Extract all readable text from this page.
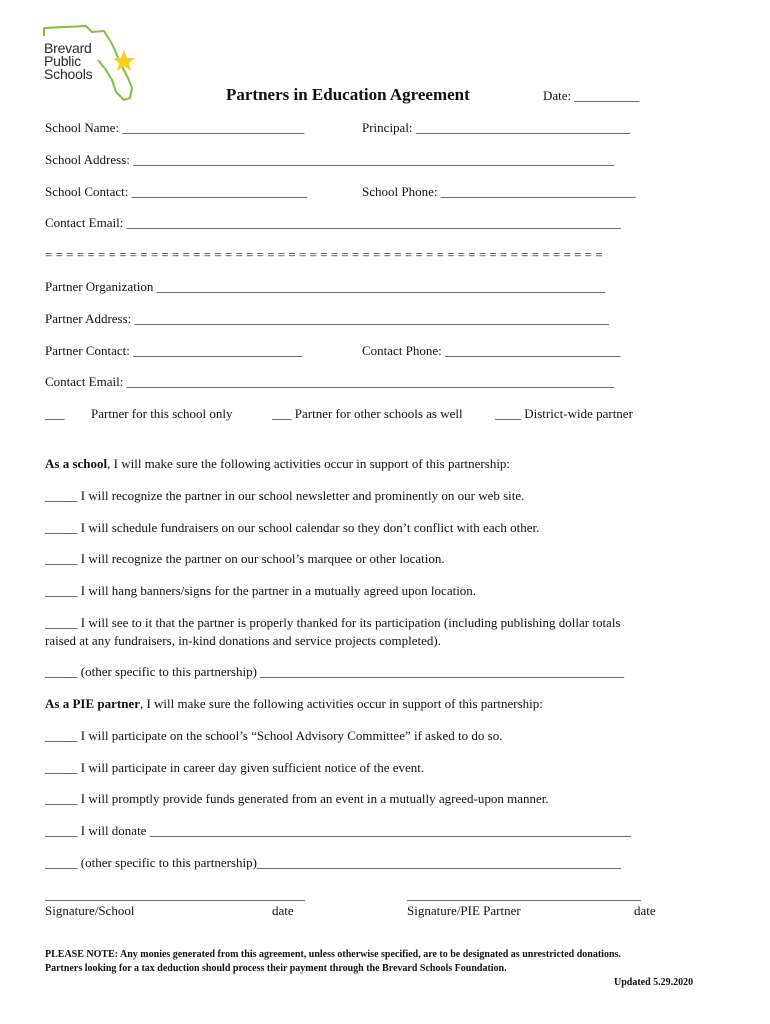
Brevard
Public
Schools
Partners in Education Agreement	Date: __________
School Name: ____________________________	Principal: _________________________________
School Address: __________________________________________________________________________
School Contact: ___________________________	School Phone: ______________________________
Contact Email: ____________________________________________________________________________
= = = = = = = = = = = = = = = = = = = = = = = = = = = = = = = = = = = = = = = = = = = = = = = = = = = = =
Partner Organization _____________________________________________________________________
Partner Address: _________________________________________________________________________
Partner Contact: __________________________	Contact Phone: ___________________________
Contact Email: ___________________________________________________________________________
___ Partner for this school only	___ Partner for other schools as well ____ District-wide partner
As a school, I will make sure the following activities occur in support of this partnership:
_____ I will recognize the partner in our school newsletter and prominently on our web site.
_____ I will schedule fundraisers on our school calendar so they don’t conflict with each other.
_____ I will recognize the partner on our school’s marquee or other location.
_____ I will hang banners/signs for the partner in a mutually agreed upon location.
_____ I will see to it that the partner is properly thanked for its participation (including publishing dollar totals
raised at any fundraisers, in-kind donations and service projects completed).
_____ (other specific to this partnership) ________________________________________________________
As a PIE partner, I will make sure the following activities occur in support of this partnership:
_____ I will participate on the school’s “School Advisory Committee” if asked to do so.
_____ I will participate in career day given sufficient notice of the event.
_____ I will promptly provide funds generated from an event in a mutually agreed-upon manner.
_____ I will donate __________________________________________________________________________
_____ (other specific to this partnership)________________________________________________________
________________________________________	____________________________________
Signature/School	date	Signature/PIE Partner	date
PLEASE NOTE: Any monies generated from this agreement, unless otherwise specified, are to be designated as unrestricted donations.
Partners looking for a tax deduction should process their payment through the Brevard Schools Foundation.
Updated 5.29.2020
